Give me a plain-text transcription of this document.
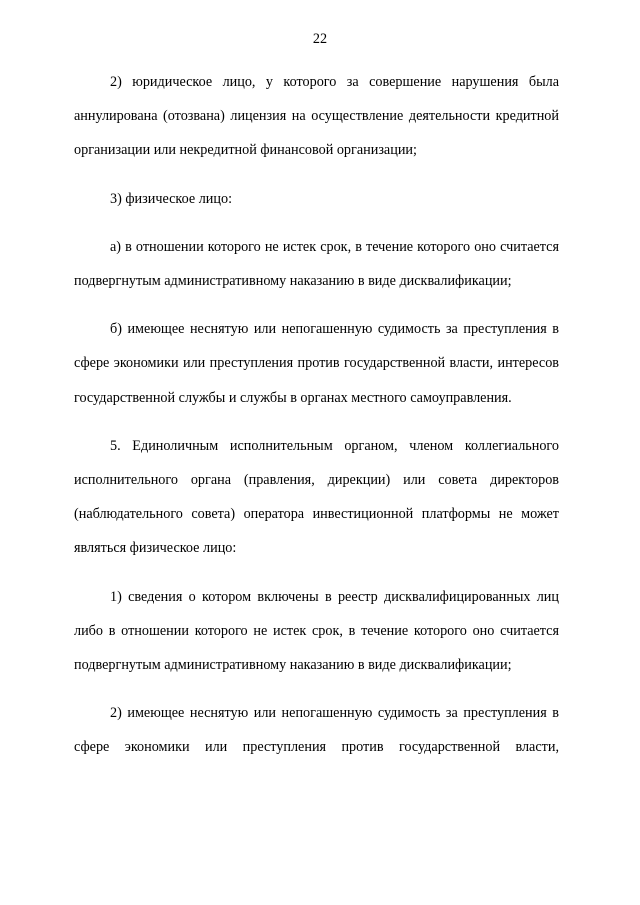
22

2) юридическое лицо, у которого за совершение нарушения была аннулирована (отозвана) лицензия на осуществление деятельности кредитной организации или некредитной финансовой организации;

3) физическое лицо:

а) в отношении которого не истек срок, в течение которого оно считается подвергнутым административному наказанию в виде дисквалификации;

б) имеющее неснятую или непогашенную судимость за преступления в сфере экономики или преступления против государственной власти, интересов государственной службы и службы в органах местного самоуправления.

5. Единоличным исполнительным органом, членом коллегиального исполнительного органа (правления, дирекции) или совета директоров (наблюдательного совета) оператора инвестиционной платформы не может являться физическое лицо:

1) сведения о котором включены в реестр дисквалифицированных лиц либо в отношении которого не истек срок, в течение которого оно считается подвергнутым административному наказанию в виде дисквалификации;

2) имеющее неснятую или непогашенную судимость за преступления в сфере экономики или преступления против государственной власти,
